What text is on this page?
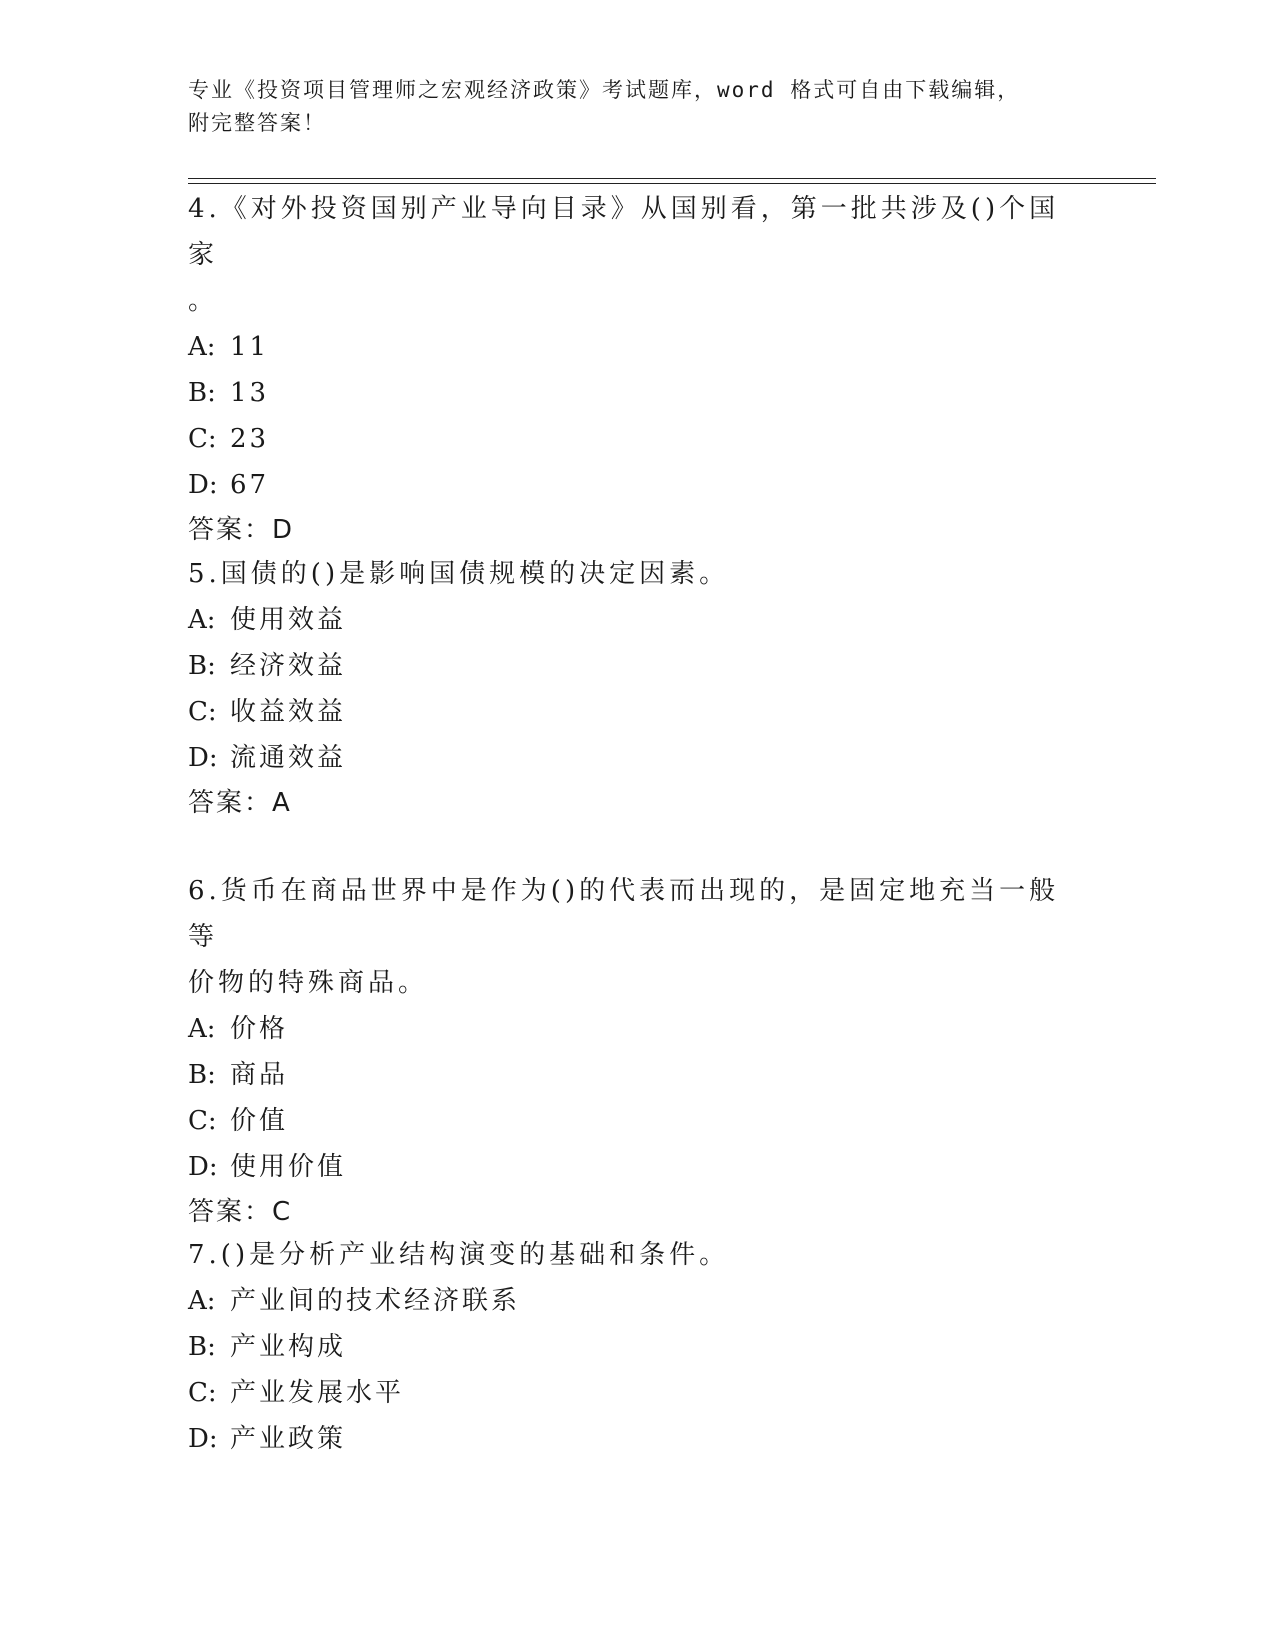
专业《投资项目管理师之宏观经济政策》考试题库，word 格式可自由下载编辑，
附完整答案！

4.《对外投资国别产业导向目录》从国别看，第一批共涉及()个国家

。

A: 11

B: 13

C: 23

D: 67

答案：D

5.国债的()是影响国债规模的决定因素。

A: 使用效益

B: 经济效益

C: 收益效益

D: 流通效益

答案：A

6.货币在商品世界中是作为()的代表而出现的，是固定地充当一般等

价物的特殊商品。

A: 价格

B: 商品

C: 价值

D: 使用价值

答案：C

7.()是分析产业结构演变的基础和条件。

A: 产业间的技术经济联系

B: 产业构成

C: 产业发展水平

D: 产业政策
